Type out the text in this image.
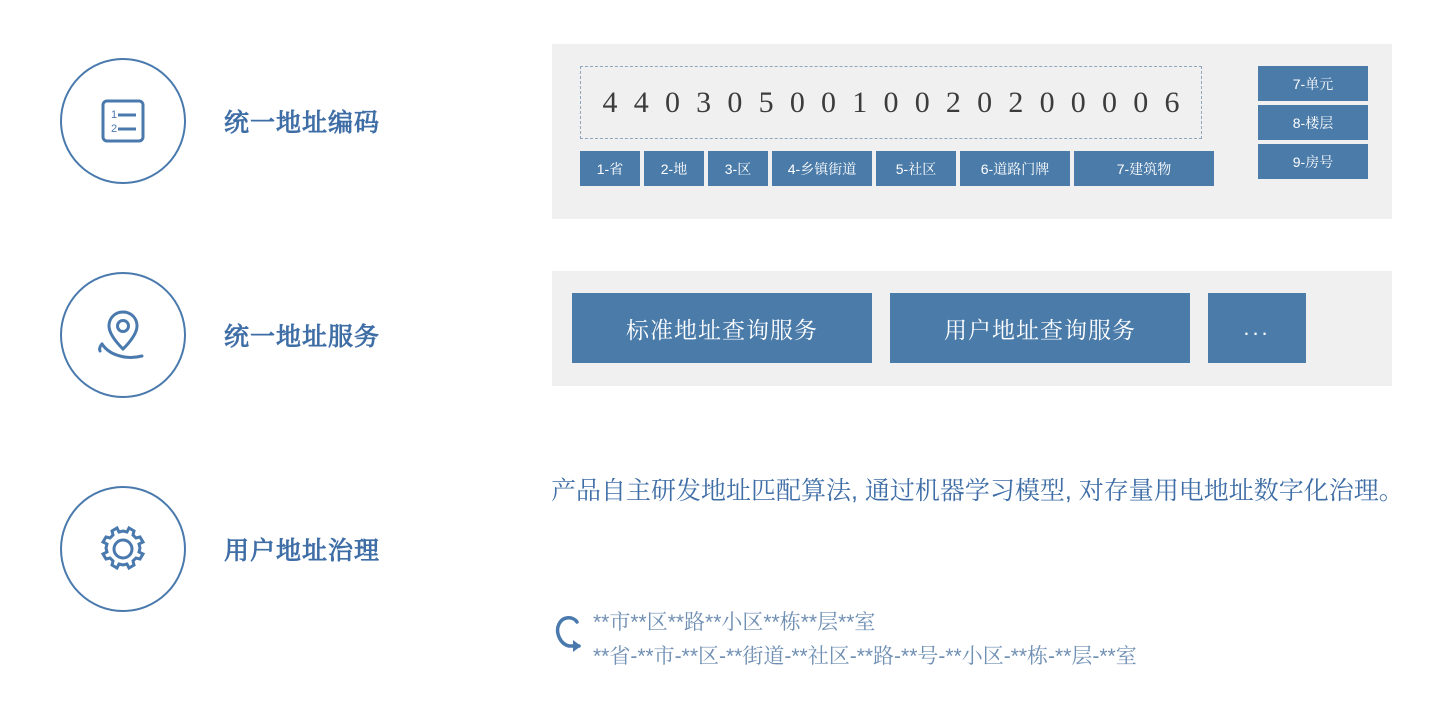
1
2	统一地址编码
统一地址服务
用户地址治理
4 4 0 3 0 5 0 0 1 0 0 2 0 2 0 0 0 0 6
1-省	2-地	3-区	4-乡镇街道	5-社区	6-道路门牌	7-建筑物
7-单元
8-楼层
9-房号
标准地址查询服务	用户地址查询服务	...
产品自主研发地址匹配算法, 通过机器学习模型, 对存量用电地址数字化治理。
**市**区**路**小区**栋**层**室
**省-**市-**区-**街道-**社区-**路-**号-**小区-**栋-**层-**室
